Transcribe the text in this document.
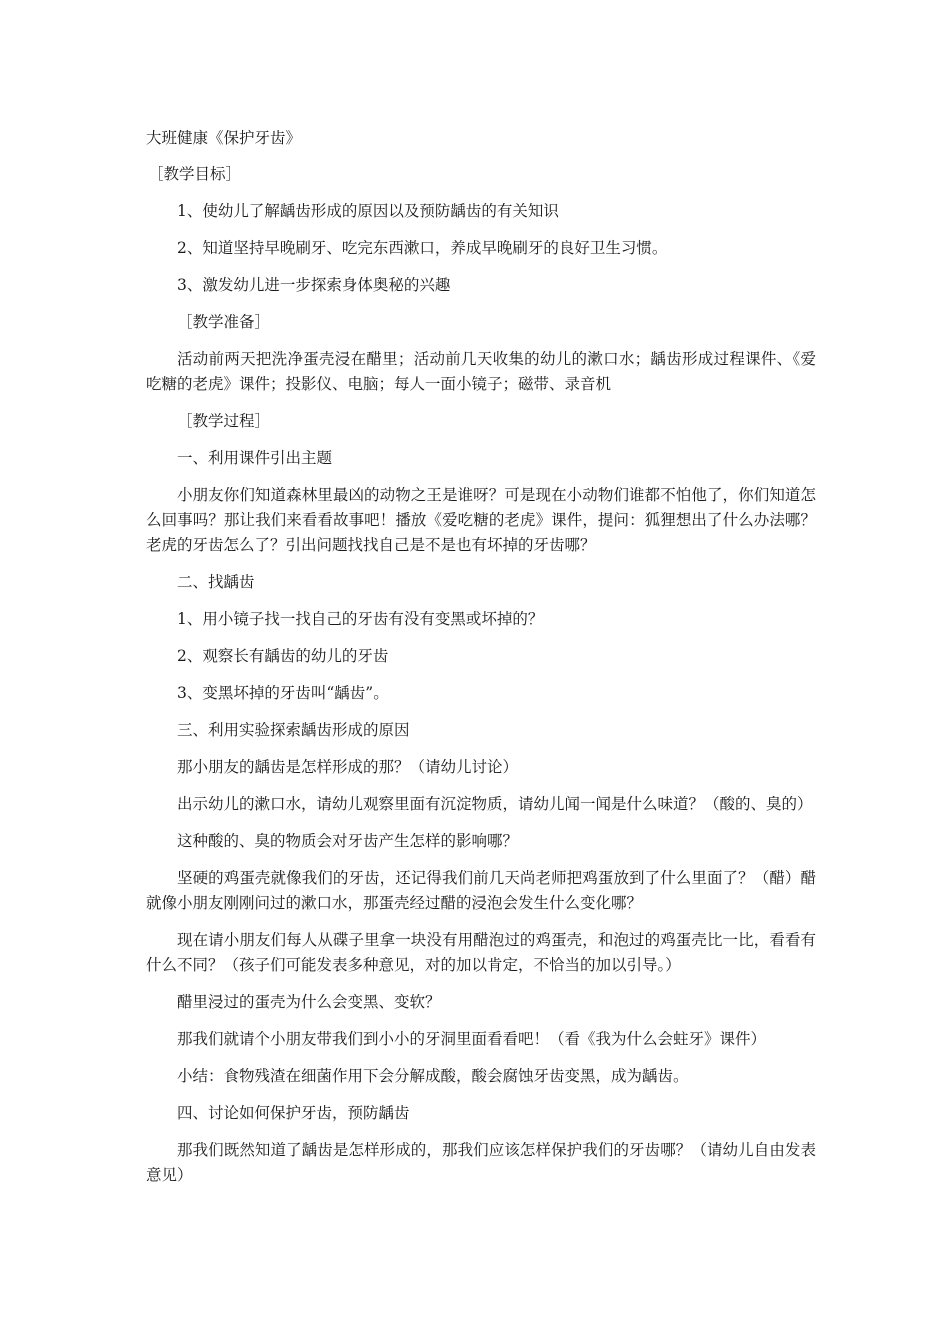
大班健康《保护牙齿》
［教学目标］
1、使幼儿了解龋齿形成的原因以及预防龋齿的有关知识
2、知道坚持早晚刷牙、吃完东西漱口，养成早晚刷牙的良好卫生习惯。
3、激发幼儿进一步探索身体奥秘的兴趣
［教学准备］
活动前两天把洗净蛋壳浸在醋里；活动前几天收集的幼儿的漱口水；龋齿形成过程课件、《爱吃糖的老虎》课件；投影仪、电脑；每人一面小镜子；磁带、录音机
［教学过程］
一、利用课件引出主题
小朋友你们知道森林里最凶的动物之王是谁呀？可是现在小动物们谁都不怕他了，你们知道怎么回事吗？那让我们来看看故事吧！播放《爱吃糖的老虎》课件，提问：狐狸想出了什么办法哪？老虎的牙齿怎么了？引出问题找找自己是不是也有坏掉的牙齿哪？
二、找龋齿
1、用小镜子找一找自己的牙齿有没有变黑或坏掉的？
2、观察长有龋齿的幼儿的牙齿
3、变黑坏掉的牙齿叫“龋齿”。
三、利用实验探索龋齿形成的原因
那小朋友的龋齿是怎样形成的那？（请幼儿讨论）
出示幼儿的漱口水，请幼儿观察里面有沉淀物质，请幼儿闻一闻是什么味道？（酸的、臭的）
这种酸的、臭的物质会对牙齿产生怎样的影响哪？
坚硬的鸡蛋壳就像我们的牙齿，还记得我们前几天尚老师把鸡蛋放到了什么里面了？（醋）醋就像小朋友刚刚问过的漱口水，那蛋壳经过醋的浸泡会发生什么变化哪？
现在请小朋友们每人从碟子里拿一块没有用醋泡过的鸡蛋壳，和泡过的鸡蛋壳比一比，看看有什么不同？（孩子们可能发表多种意见，对的加以肯定，不恰当的加以引导。）
醋里浸过的蛋壳为什么会变黑、变软？
那我们就请个小朋友带我们到小小的牙洞里面看看吧！（看《我为什么会蛀牙》课件）
小结：食物残渣在细菌作用下会分解成酸，酸会腐蚀牙齿变黑，成为龋齿。
四、讨论如何保护牙齿，预防龋齿
那我们既然知道了龋齿是怎样形成的，那我们应该怎样保护我们的牙齿哪？（请幼儿自由发表意见）
